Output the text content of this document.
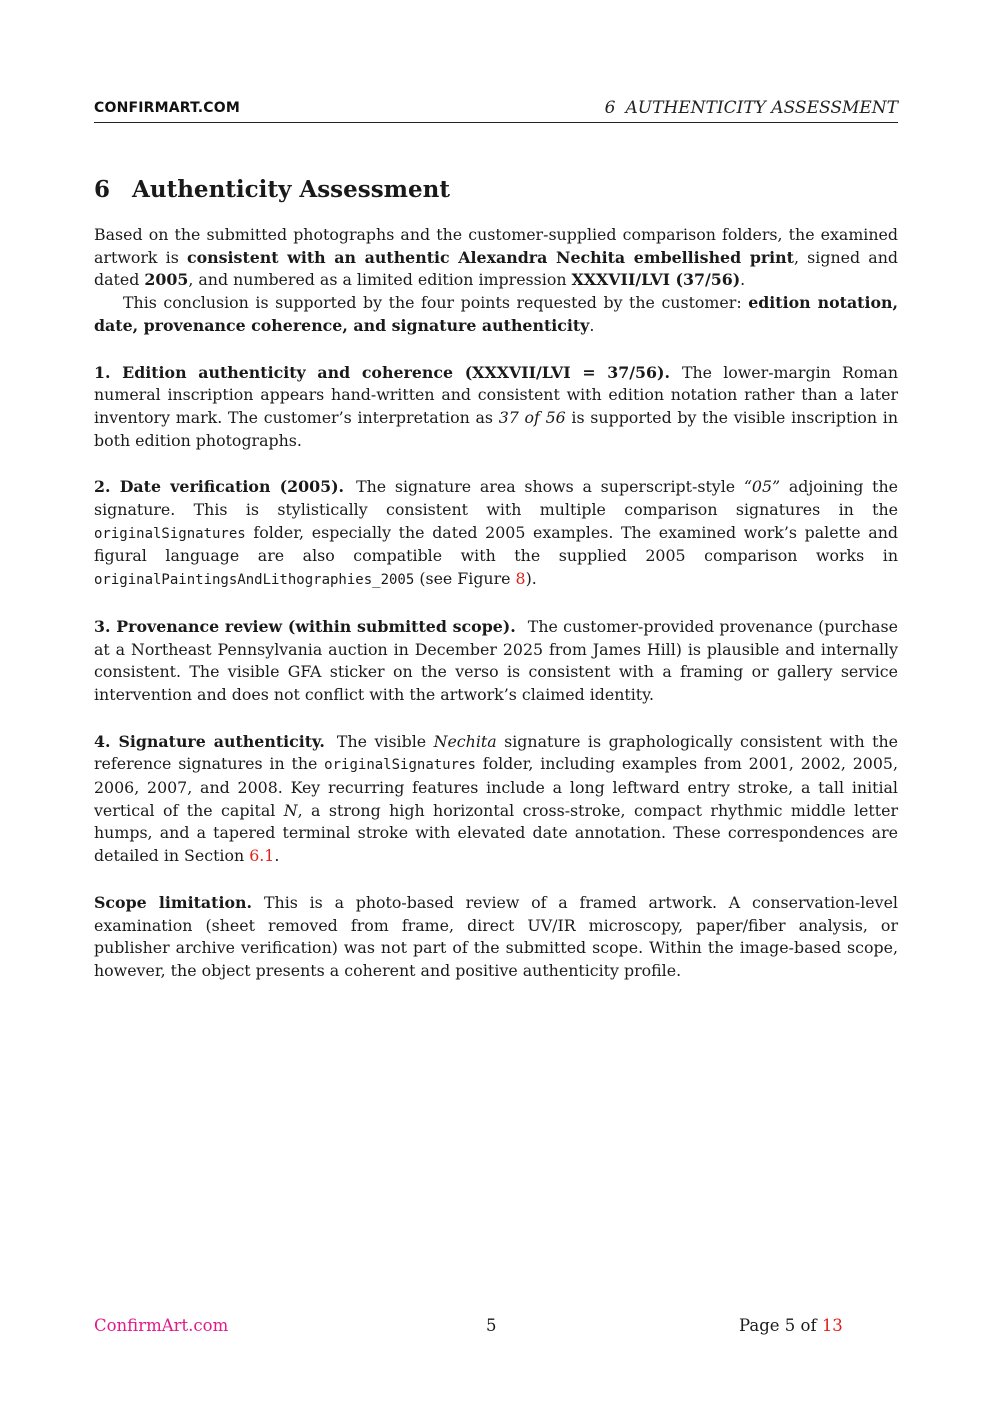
CONFIRMART.COM	6 AUTHENTICITY ASSESSMENT
6 Authenticity Assessment

Based on the submitted photographs and the customer-supplied comparison folders, the examined artwork is consistent with an authentic Alexandra Nechita embellished print, signed and dated 2005, and numbered as a limited edition impression XXXVII/LVI (37/56).

This conclusion is supported by the four points requested by the customer: edition notation, date, provenance coherence, and signature authenticity.

1. Edition authenticity and coherence (XXXVII/LVI = 37/56). The lower-margin Roman numeral inscription appears hand-written and consistent with edition notation rather than a later inventory mark. The customer’s interpretation as 37 of 56 is supported by the visible inscription in both edition photographs.

2. Date verification (2005). The signature area shows a superscript-style “05” adjoining the signature. This is stylistically consistent with multiple comparison signatures in the originalSignatures folder, especially the dated 2005 examples. The examined work’s palette and figural language are also compatible with the supplied 2005 comparison works in originalPaintingsAndLithographies_2005 (see Figure 8).

3. Provenance review (within submitted scope). The customer-provided provenance (purchase at a Northeast Pennsylvania auction in December 2025 from James Hill) is plausible and internally consistent. The visible GFA sticker on the verso is consistent with a framing or gallery service intervention and does not conflict with the artwork’s claimed identity.

4. Signature authenticity. The visible Nechita signature is graphologically consistent with the reference signatures in the originalSignatures folder, including examples from 2001, 2002, 2005, 2006, 2007, and 2008. Key recurring features include a long leftward entry stroke, a tall initial vertical of the capital N, a strong high horizontal cross-stroke, compact rhythmic middle letter humps, and a tapered terminal stroke with elevated date annotation. These correspondences are detailed in Section 6.1.

Scope limitation. This is a photo-based review of a framed artwork. A conservation-level examination (sheet removed from frame, direct UV/IR microscopy, paper/fiber analysis, or publisher archive verification) was not part of the submitted scope. Within the image-based scope, however, the object presents a coherent and positive authenticity profile.

ConfirmArt.com	5	Page 5 of 13
